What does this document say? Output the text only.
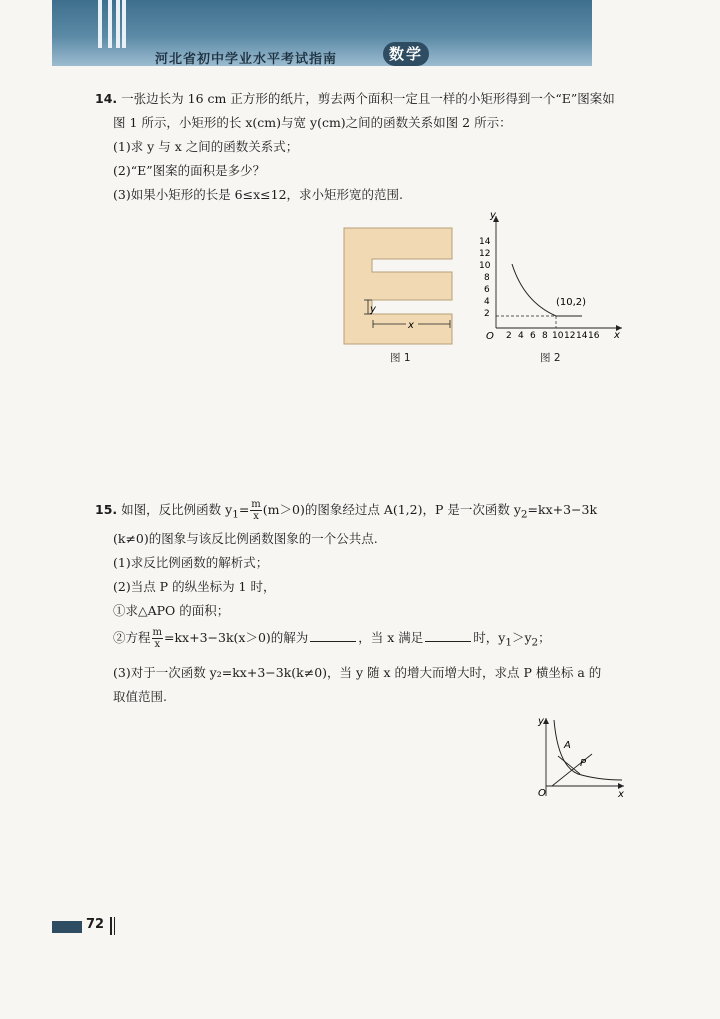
河北省初中学业水平考试指南	数学
14. 一张边长为 16 cm 正方形的纸片，剪去两个面积一定且一样的小矩形得到一个“E”图案如
图 1 所示，小矩形的长 x(cm)与宽 y(cm)之间的函数关系如图 2 所示：
(1)求 y 与 x 之间的函数关系式；
(2)“E”图案的面积是多少？
(3)如果小矩形的长是 6≤x≤12，求小矩形宽的范围.
x
y
图 1
x
y
O
14
12
10
8
6
4
2
2 4 6 8 10 12 14 16
(10,2)
图 2
15. 如图，反比例函数 $y_1= \frac{m}{x} (m>0)$的图象经过点 A(1,2)，P 是一次函数 $y_2=kx+3-3k$
(k≠0)的图象与该反比例函数图象的一个公共点.
(1)求反比例函数的解析式；
(2)当点 P 的纵坐标为 1 时，
①求△APO 的面积；
②方程 $\frac{m}{x} =kx+3-3k(x>0)$的解为	，当 x 满足	时，$y_1>y_2$；
(3)对于一次函数 y₂=kx+3−3k(k≠0)，当 y 随 x 的增大而增大时，求点 P 横坐标 a 的
取值范围.
x
y
O
A
P
72
